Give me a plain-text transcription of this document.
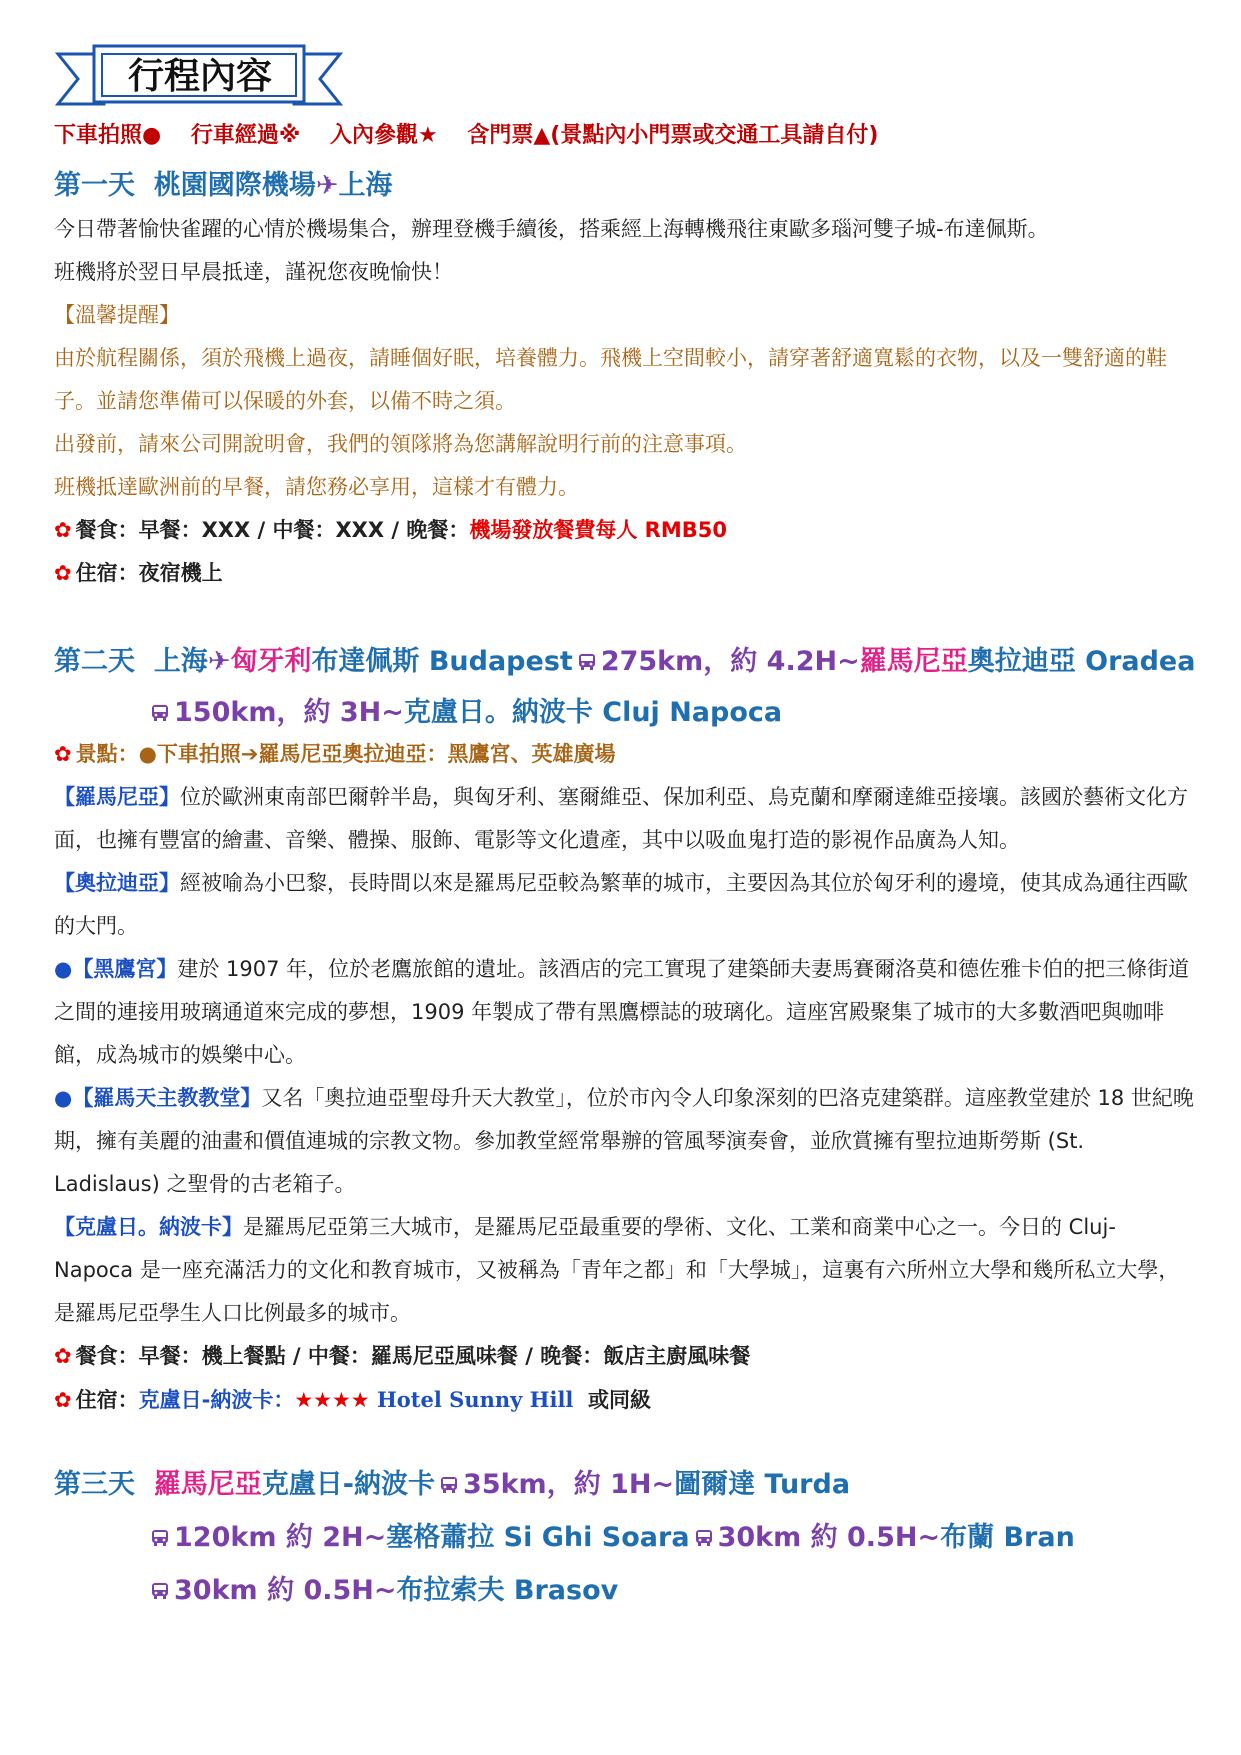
行程內容
下車拍照● 行車經過※ 入內參觀★ 含門票▲(景點內小門票或交通工具請自付)
第一天 桃園國際機場✈上海
今日帶著愉快雀躍的心情於機場集合，辦理登機手續後，搭乘經上海轉機飛往東歐多瑙河雙子城-布達佩斯。
班機將於翌日早晨抵達，謹祝您夜晚愉快！
【溫馨提醒】
由於航程關係，須於飛機上過夜，請睡個好眠，培養體力。飛機上空間較小，請穿著舒適寬鬆的衣物，以及一雙舒適的鞋子。並請您準備可以保暖的外套，以備不時之須。
出發前，請來公司開說明會，我們的領隊將為您講解說明行前的注意事項。
班機抵達歐洲前的早餐，請您務必享用，這樣才有體力。
✿ 餐食：早餐：XXX / 中餐：XXX / 晚餐：機場發放餐費每人 RMB50
✿ 住宿：夜宿機上
第二天 上海✈匈牙利布達佩斯 Budapest 275km，約 4.2H~羅馬尼亞奧拉迪亞 Oradea
150km，約 3H~克盧日。納波卡 Cluj Napoca
✿ 景點：●下車拍照➔羅馬尼亞奧拉迪亞：黑鷹宮、英雄廣場
【羅馬尼亞】位於歐洲東南部巴爾幹半島，與匈牙利、塞爾維亞、保加利亞、烏克蘭和摩爾達維亞接壤。該國於藝術文化方面，也擁有豐富的繪畫、音樂、體操、服飾、電影等文化遺產，其中以吸血鬼打造的影視作品廣為人知。
【奧拉迪亞】經被喻為小巴黎，長時間以來是羅馬尼亞較為繁華的城市，主要因為其位於匈牙利的邊境，使其成為通往西歐的大門。
●【黑鷹宮】建於 1907 年，位於老鷹旅館的遺址。該酒店的完工實現了建築師夫妻馬賽爾洛莫和德佐雅卡伯的把三條街道之間的連接用玻璃通道來完成的夢想，1909 年製成了帶有黑鷹標誌的玻璃化。這座宮殿聚集了城市的大多數酒吧與咖啡館，成為城市的娛樂中心。
●【羅馬天主教教堂】又名「奧拉迪亞聖母升天大教堂」，位於市內令人印象深刻的巴洛克建築群。這座教堂建於 18 世紀晚期，擁有美麗的油畫和價值連城的宗教文物。參加教堂經常舉辦的管風琴演奏會，並欣賞擁有聖拉迪斯勞斯 (St. Ladislaus) 之聖骨的古老箱子。
【克盧日。納波卡】是羅馬尼亞第三大城市，是羅馬尼亞最重要的學術、文化、工業和商業中心之一。今日的 Cluj-Napoca 是一座充滿活力的文化和教育城市，又被稱為「青年之都」和「大學城」，這裏有六所州立大學和幾所私立大學，是羅馬尼亞學生人口比例最多的城市。
✿ 餐食：早餐：機上餐點 / 中餐：羅馬尼亞風味餐 / 晚餐：飯店主廚風味餐
✿ 住宿：克盧日-納波卡：★★★★ Hotel Sunny Hill 或同級
第三天 羅馬尼亞克盧日-納波卡 35km，約 1H~圖爾達 Turda
120km 約 2H~塞格蕭拉 Si Ghi Soara 30km 約 0.5H~布蘭 Bran
30km 約 0.5H~布拉索夫 Brasov
